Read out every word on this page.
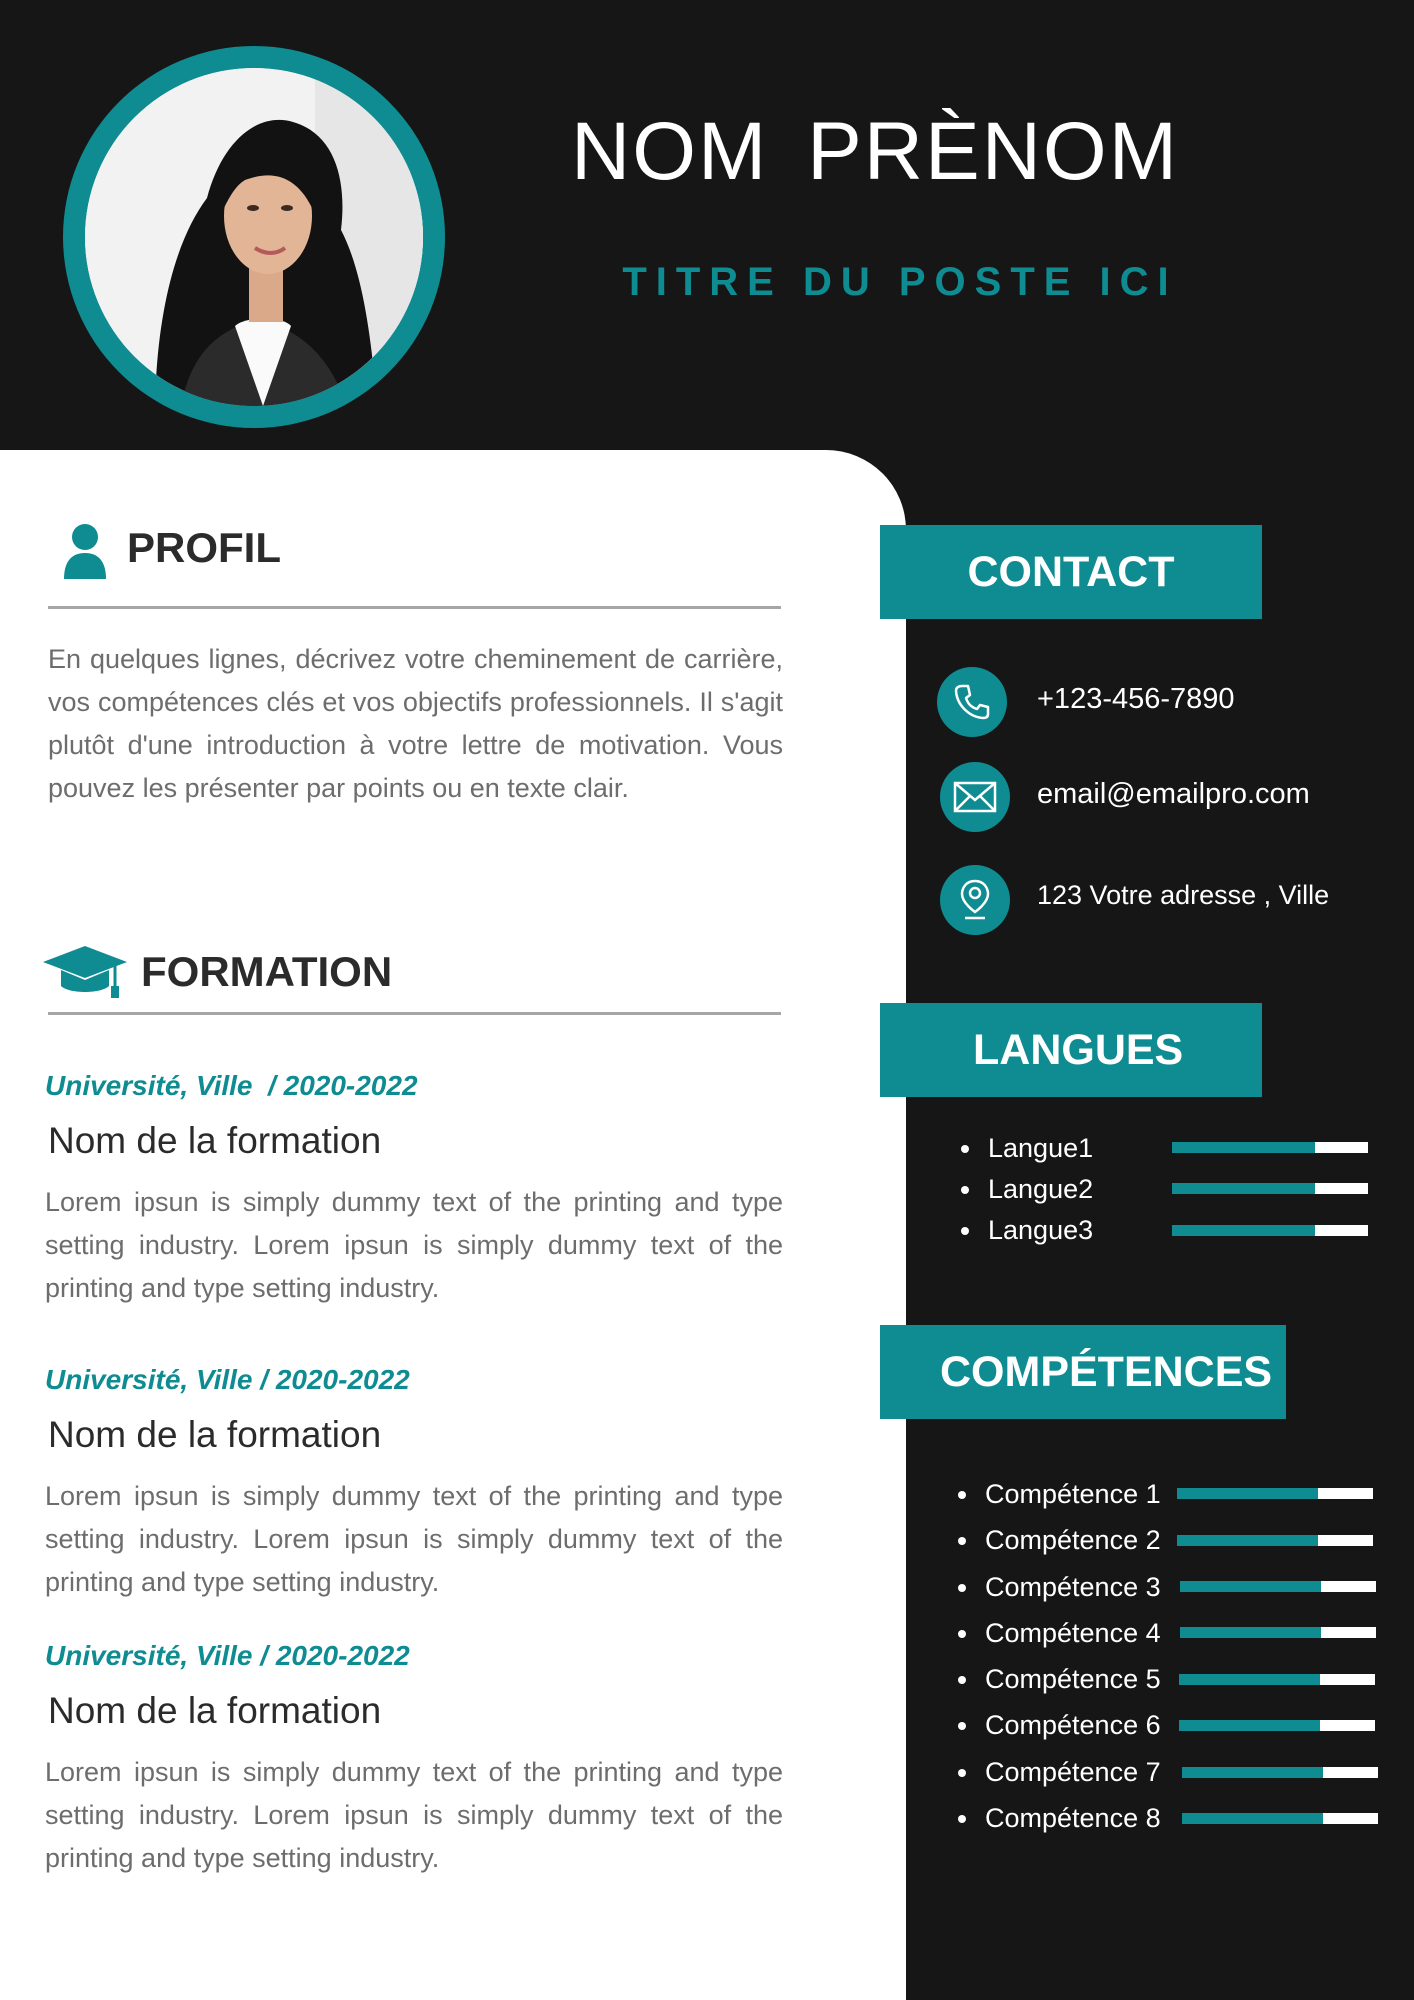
NOM PRÈNOM
TITRE DU POSTE ICI
PROFIL
En quelques lignes, décrivez votre cheminement de carrière, vos compétences clés et vos objectifs professionnels. Il s'agit plutôt d'une introduction à votre lettre de motivation. Vous pouvez les présenter par points ou en texte clair.
FORMATION
Université, Ville  / 2020-2022
Nom de la formation
Lorem ipsun is simply dummy text of the printing and type setting industry. Lorem ipsun is simply dummy text of the printing and type setting industry.
Université, Ville / 2020-2022
Nom de la formation
Lorem ipsun is simply dummy text of the printing and type setting industry. Lorem ipsun is simply dummy text of the printing and type setting industry.
Université, Ville / 2020-2022
Nom de la formation
Lorem ipsun is simply dummy text of the printing and type setting industry. Lorem ipsun is simply dummy text of the printing and type setting industry.
CONTACT
+123-456-7890
email@emailpro.com
123 Votre adresse , Ville
LANGUES
Langue1
Langue2
Langue3
COMPÉTENCES
Compétence 1
Compétence 2
Compétence 3
Compétence 4
Compétence 5
Compétence 6
Compétence 7
Compétence 8
